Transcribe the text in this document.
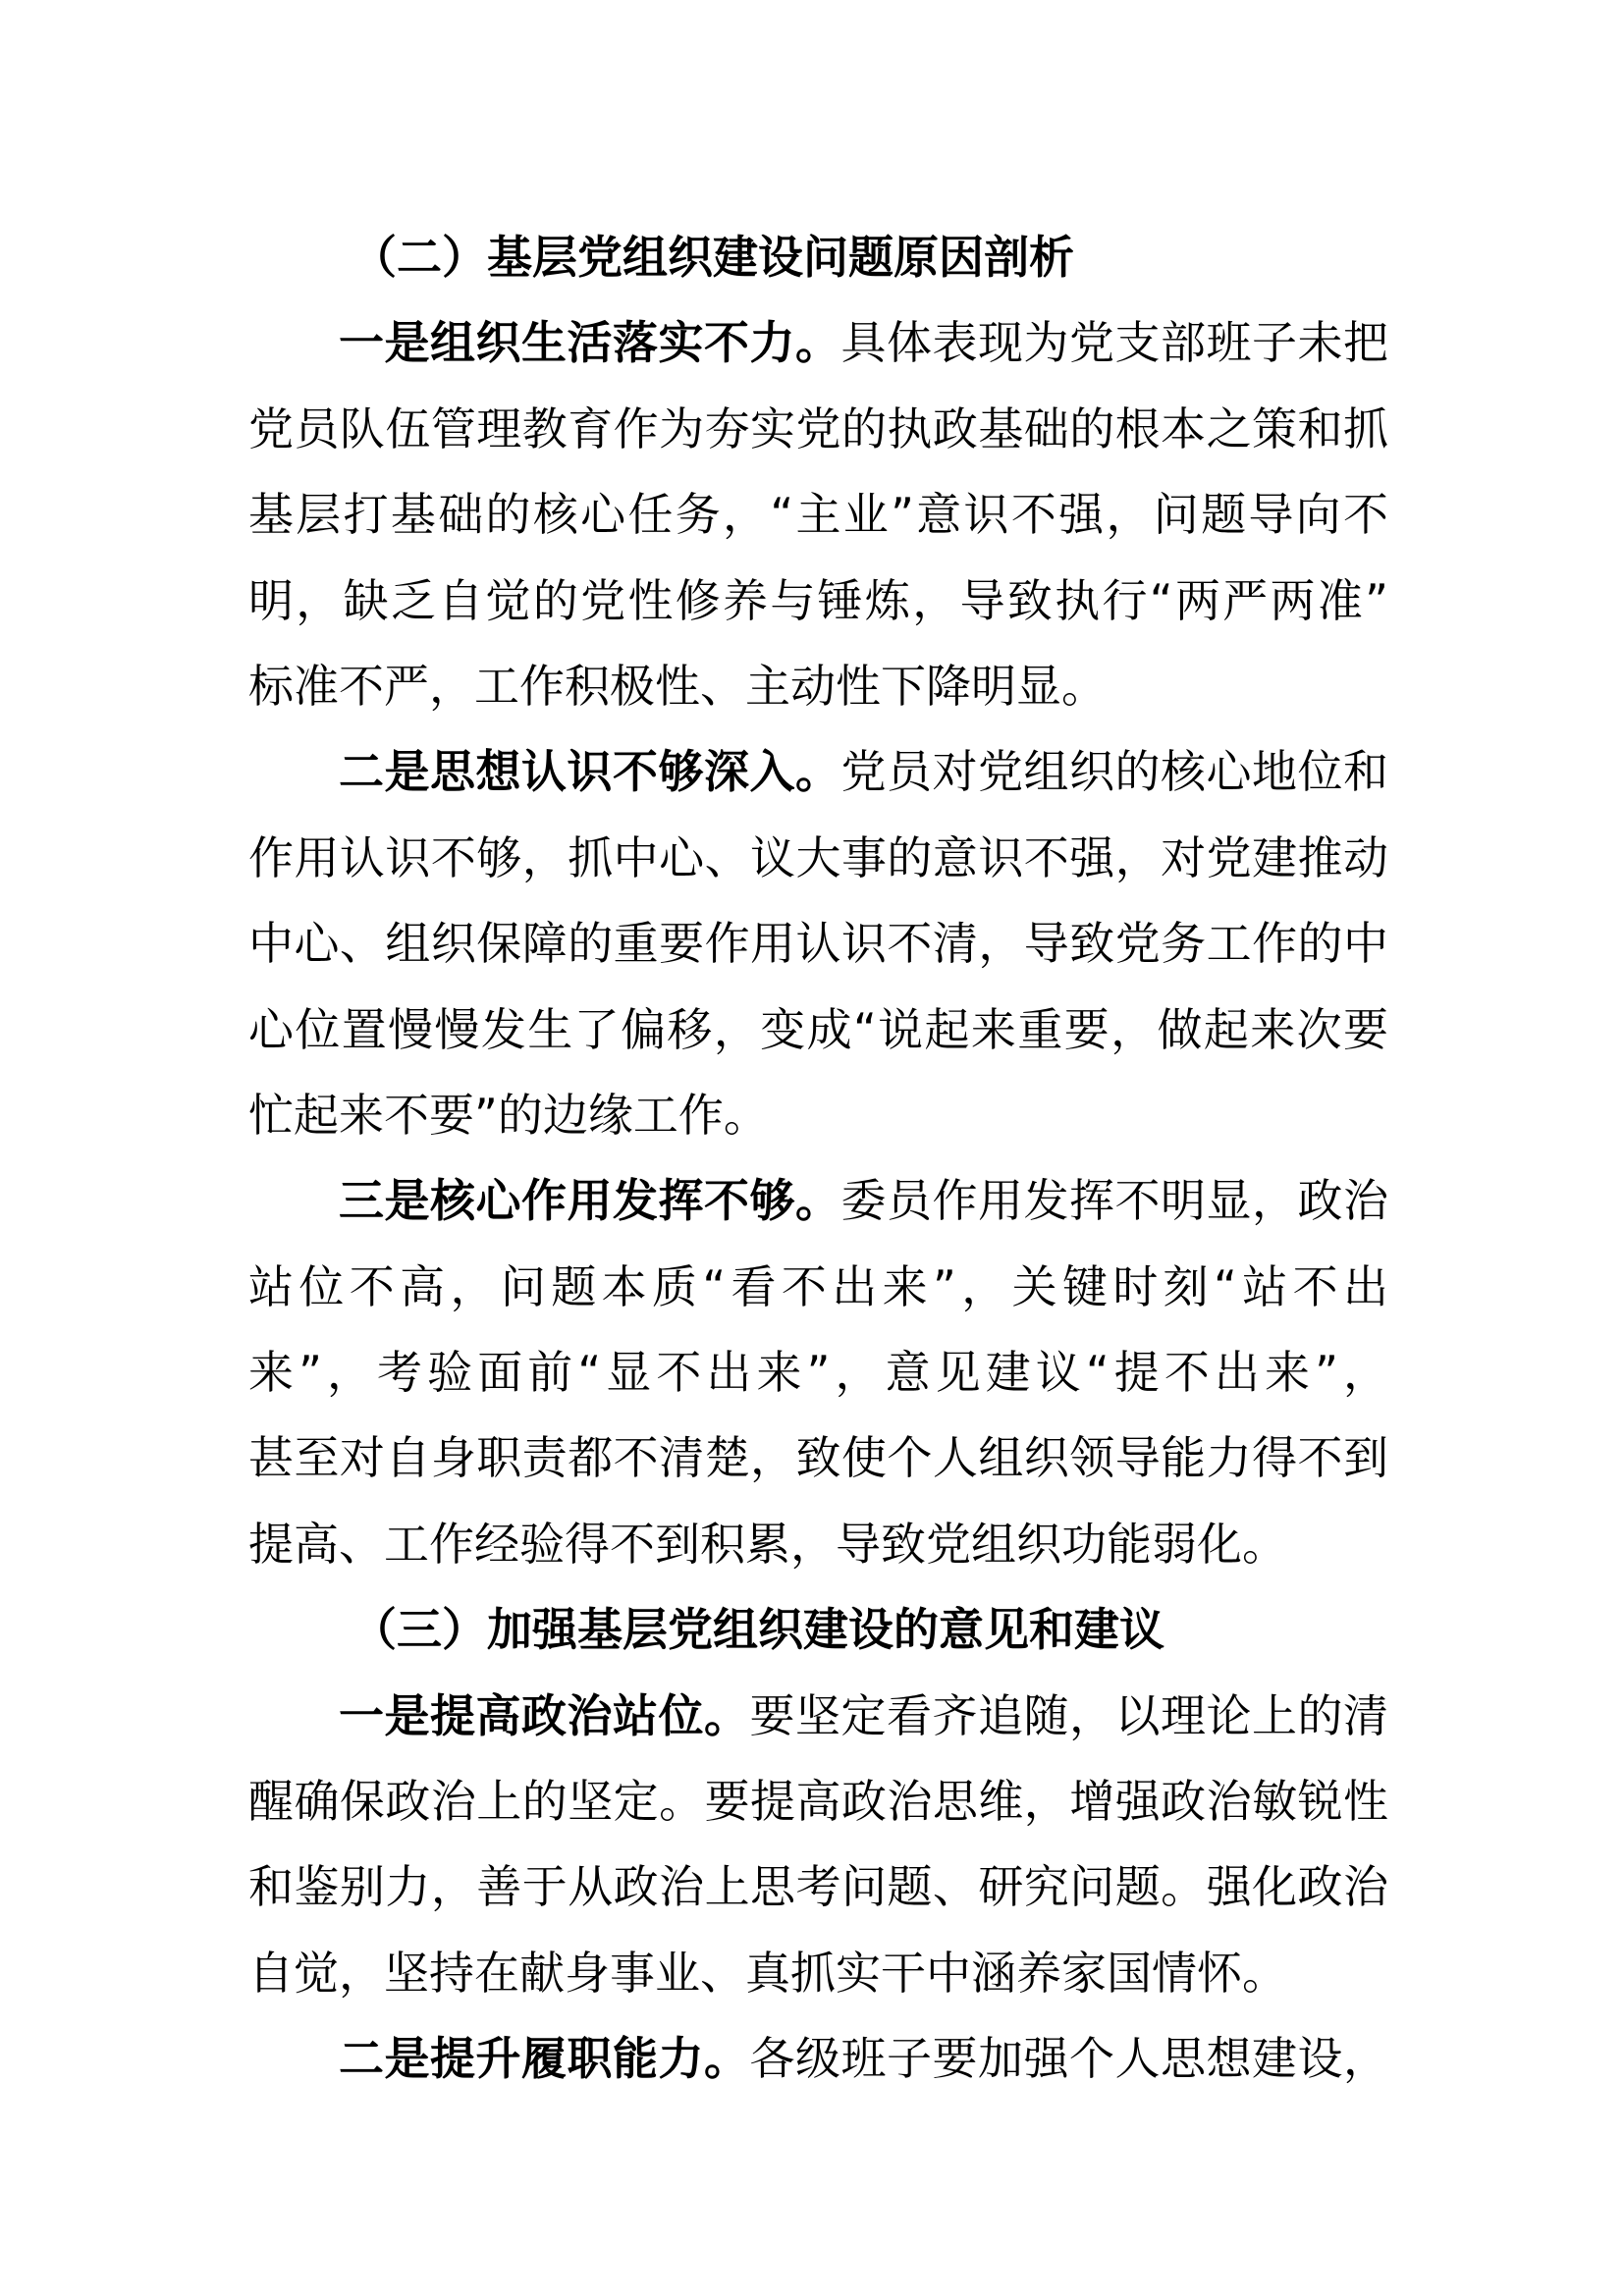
（二）基层党组织建设问题原因剖析
一是组织生活落实不力。具体表现为党支部班子未把
党员队伍管理教育作为夯实党的执政基础的根本之策和抓
基层打基础的核心任务，“主业”意识不强，问题导向不
明，缺乏自觉的党性修养与锤炼，导致执行“两严两准”
标准不严，工作积极性、主动性下降明显。
二是思想认识不够深入。党员对党组织的核心地位和
作用认识不够，抓中心、议大事的意识不强，对党建推动
中心、组织保障的重要作用认识不清，导致党务工作的中
心位置慢慢发生了偏移，变成“说起来重要，做起来次要
忙起来不要”的边缘工作。
三是核心作用发挥不够。委员作用发挥不明显，政治
站位不高，问题本质“看不出来”，关键时刻“站不出
来”，考验面前“显不出来”，意见建议“提不出来”，
甚至对自身职责都不清楚，致使个人组织领导能力得不到
提高、工作经验得不到积累，导致党组织功能弱化。
（三）加强基层党组织建设的意见和建议
一是提高政治站位。要坚定看齐追随，以理论上的清
醒确保政治上的坚定。要提高政治思维，增强政治敏锐性
和鉴别力，善于从政治上思考问题、研究问题。强化政治
自觉，坚持在献身事业、真抓实干中涵养家国情怀。
二是提升履职能力。各级班子要加强个人思想建设，
